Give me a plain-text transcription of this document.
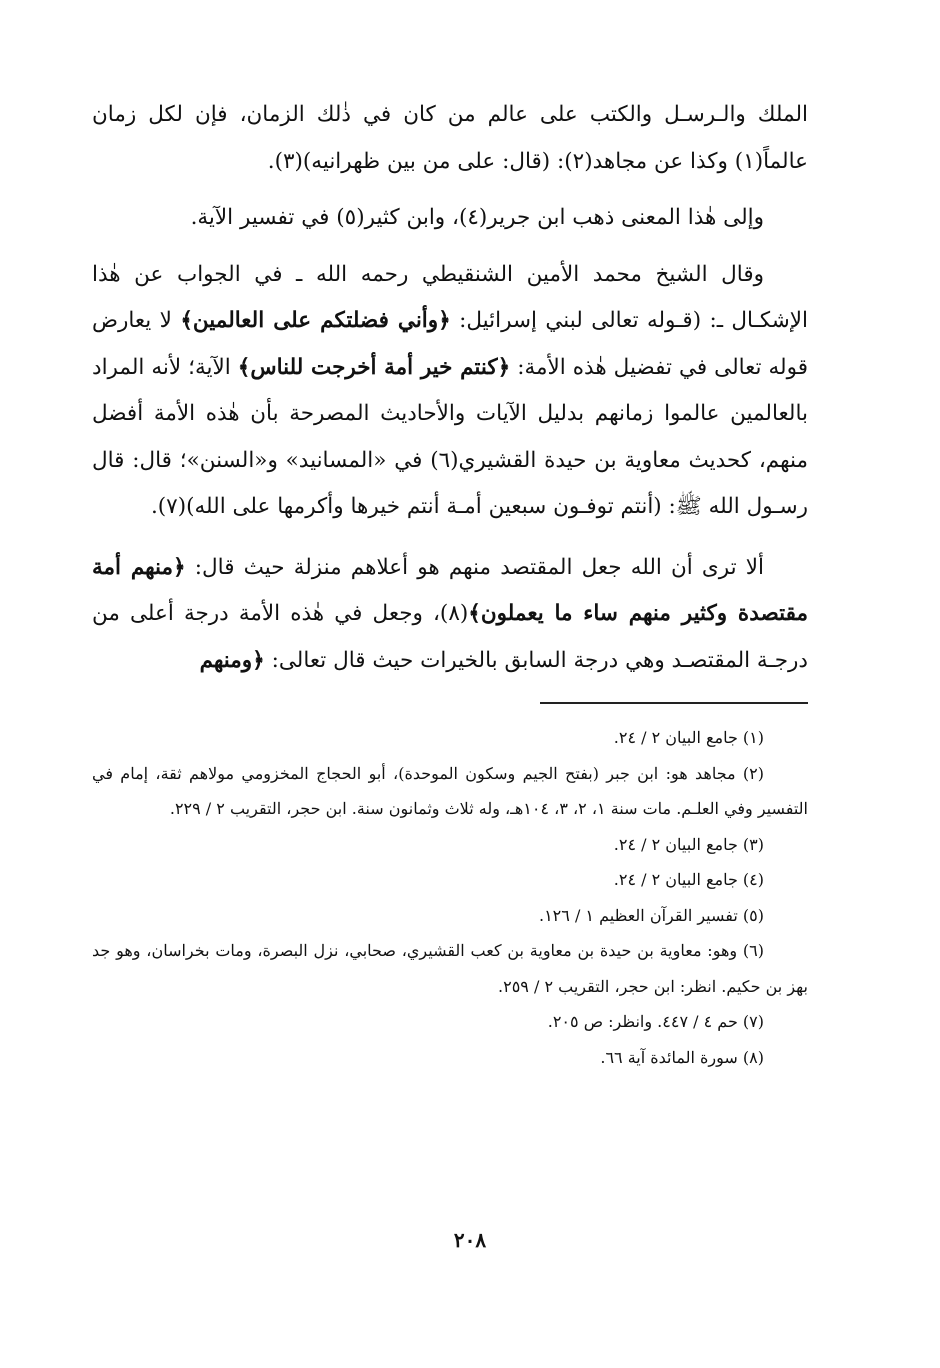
الملك والـرسـل والكتب على عالم من كان في ذٰلك الزمان، فإن لكل زمان عالماً(١) وكذا عن مجاهد(٢): (قال: على من بين ظهرانيه)(٣).

وإلى هٰذا المعنى ذهب ابن جرير(٤)، وابن كثير(٥) في تفسير الآية.

وقال الشيخ محمد الأمين الشنقيطي رحمه الله ـ في الجواب عن هٰذا الإشكـال ـ: (قـوله تعالى لبني إسرائيل: ﴿وأني فضلتكم على العالمين﴾ لا يعارض قوله تعالى في تفضيل هٰذه الأمة: ﴿كنتم خير أمة أخرجت للناس﴾ الآية؛ لأنه المراد بالعالمين عالموا زمانهم بدليل الآيات والأحاديث المصرحة بأن هٰذه الأمة أفضل منهم، كحديث معاوية بن حيدة القشيري(٦) في «المسانيد» و«السنن»؛ قال: قال رسـول الله ﷺ: (أنتم توفـون سبعين أمـة أنتم خيرها وأكرمها على الله)(٧).

ألا ترى أن الله جعل المقتصد منهم هو أعلاهم منزلة حيث قال: ﴿منهم أمة مقتصدة وكثير منهم ساء ما يعملون﴾(٨)، وجعل في هٰذه الأمة درجة أعلى من درجـة المقتصـد وهي درجة السابق بالخيرات حيث قال تعالى: ﴿ومنهم

(١) جامع البيان ٢ / ٢٤.

(٢) مجاهد هو: ابن جبر (بفتح الجيم وسكون الموحدة)، أبو الحجاج المخزومي مولاهم ثقة، إمام في التفسير وفي العلـم. مات سنة ١، ٢، ٣، ١٠٤هـ، وله ثلاث وثمانون سنة. ابن حجر، التقريب ٢ / ٢٢٩.

(٣) جامع البيان ٢ / ٢٤.

(٤) جامع البيان ٢ / ٢٤.

(٥) تفسير القرآن العظيم ١ / ١٢٦.

(٦) وهو: معاوية بن حيدة بن معاوية بن كعب القشيري، صحابي، نزل البصرة، ومات بخراسان، وهو جد بهز بن حكيم. انظر: ابن حجر، التقريب ٢ / ٢٥٩.

(٧) حم ٤ / ٤٤٧. وانظر: ص ٢٠٥.

(٨) سورة المائدة آية ٦٦.

٢٠٨
